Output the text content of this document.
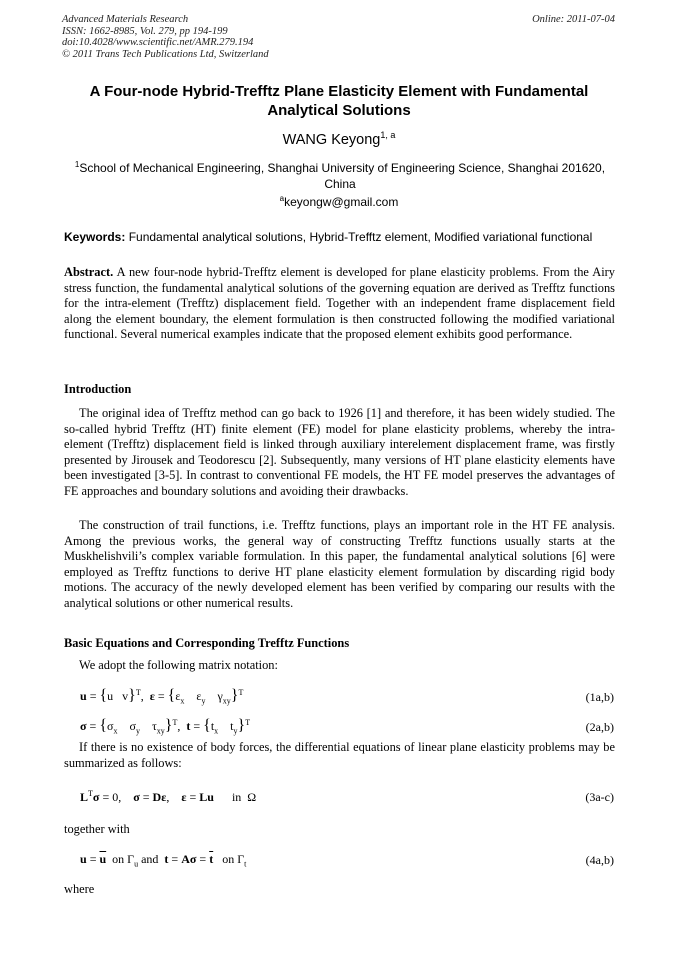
Advanced Materials Research
ISSN: 1662-8985, Vol. 279, pp 194-199
doi:10.4028/www.scientific.net/AMR.279.194
© 2011 Trans Tech Publications Ltd, Switzerland
Online: 2011-07-04
A Four-node Hybrid-Trefftz Plane Elasticity Element with Fundamental
Analytical Solutions
WANG Keyong$^{1, a}$
$^1$School of Mechanical Engineering, Shanghai University of Engineering Science, Shanghai 201620, China
$^a$keyongw@gmail.com
Keywords: Fundamental analytical solutions, Hybrid-Trefftz element, Modified variational functional
Abstract. A new four-node hybrid-Trefftz element is developed for plane elasticity problems. From the Airy stress function, the fundamental analytical solutions of the governing equation are derived as Trefftz functions for the intra-element (Trefftz) displacement field. Together with an independent frame displacement field along the element boundary, the element formulation is then constructed following the modified variational functional. Several numerical examples indicate that the proposed element exhibits good performance.
Introduction
The original idea of Trefftz method can go back to 1926 [1] and therefore, it has been widely studied. The so-called hybrid Trefftz (HT) finite element (FE) model for plane elasticity problems, whereby the intra-element (Trefftz) displacement field is linked through auxiliary interelement displacement frame, was firstly presented by Jirousek and Teodorescu [2]. Subsequently, many versions of HT plane elasticity elements have been investigated [3-5]. In contrast to conventional FE models, the HT FE model preserves the advantages of FE approaches and boundary solutions and avoiding their drawbacks.
The construction of trail functions, i.e. Trefftz functions, plays an important role in the HT FE analysis. Among the previous works, the general way of constructing Trefftz functions usually starts at the Muskhelishvili’s complex variable formulation. In this paper, the fundamental analytical solutions [6] were employed as Trefftz functions to derive HT plane elasticity element formulation by discarding rigid body motions. The accuracy of the newly developed element has been verified by comparing our results with the analytical solutions or other numerical results.
Basic Equations and Corresponding Trefftz Functions
We adopt the following matrix notation:
u = {u   v}$^T$,  $\varepsilon = \{\varepsilon_x$    $\varepsilon_y$    $\gamma_{xy}\}^T$	(1a,b)
$\sigma = \{\sigma_x$    $\sigma_y$    $\tau_{xy}\}^T$,  $t = \{t_x$    $t_y\}^T$	(2a,b)
If there is no existence of body forces, the differential equations of linear plane elasticity problems may be summarized as follows:
$L^T\sigma = 0$,    σ = Dε,    ε = Lu      in  Ω	(3a-c)
together with
$u = \overline{u}$  on $\Gamma_u$ and  $t = A\sigma = \overline{t}$   on $\Gamma_t$	(4a,b)
where
